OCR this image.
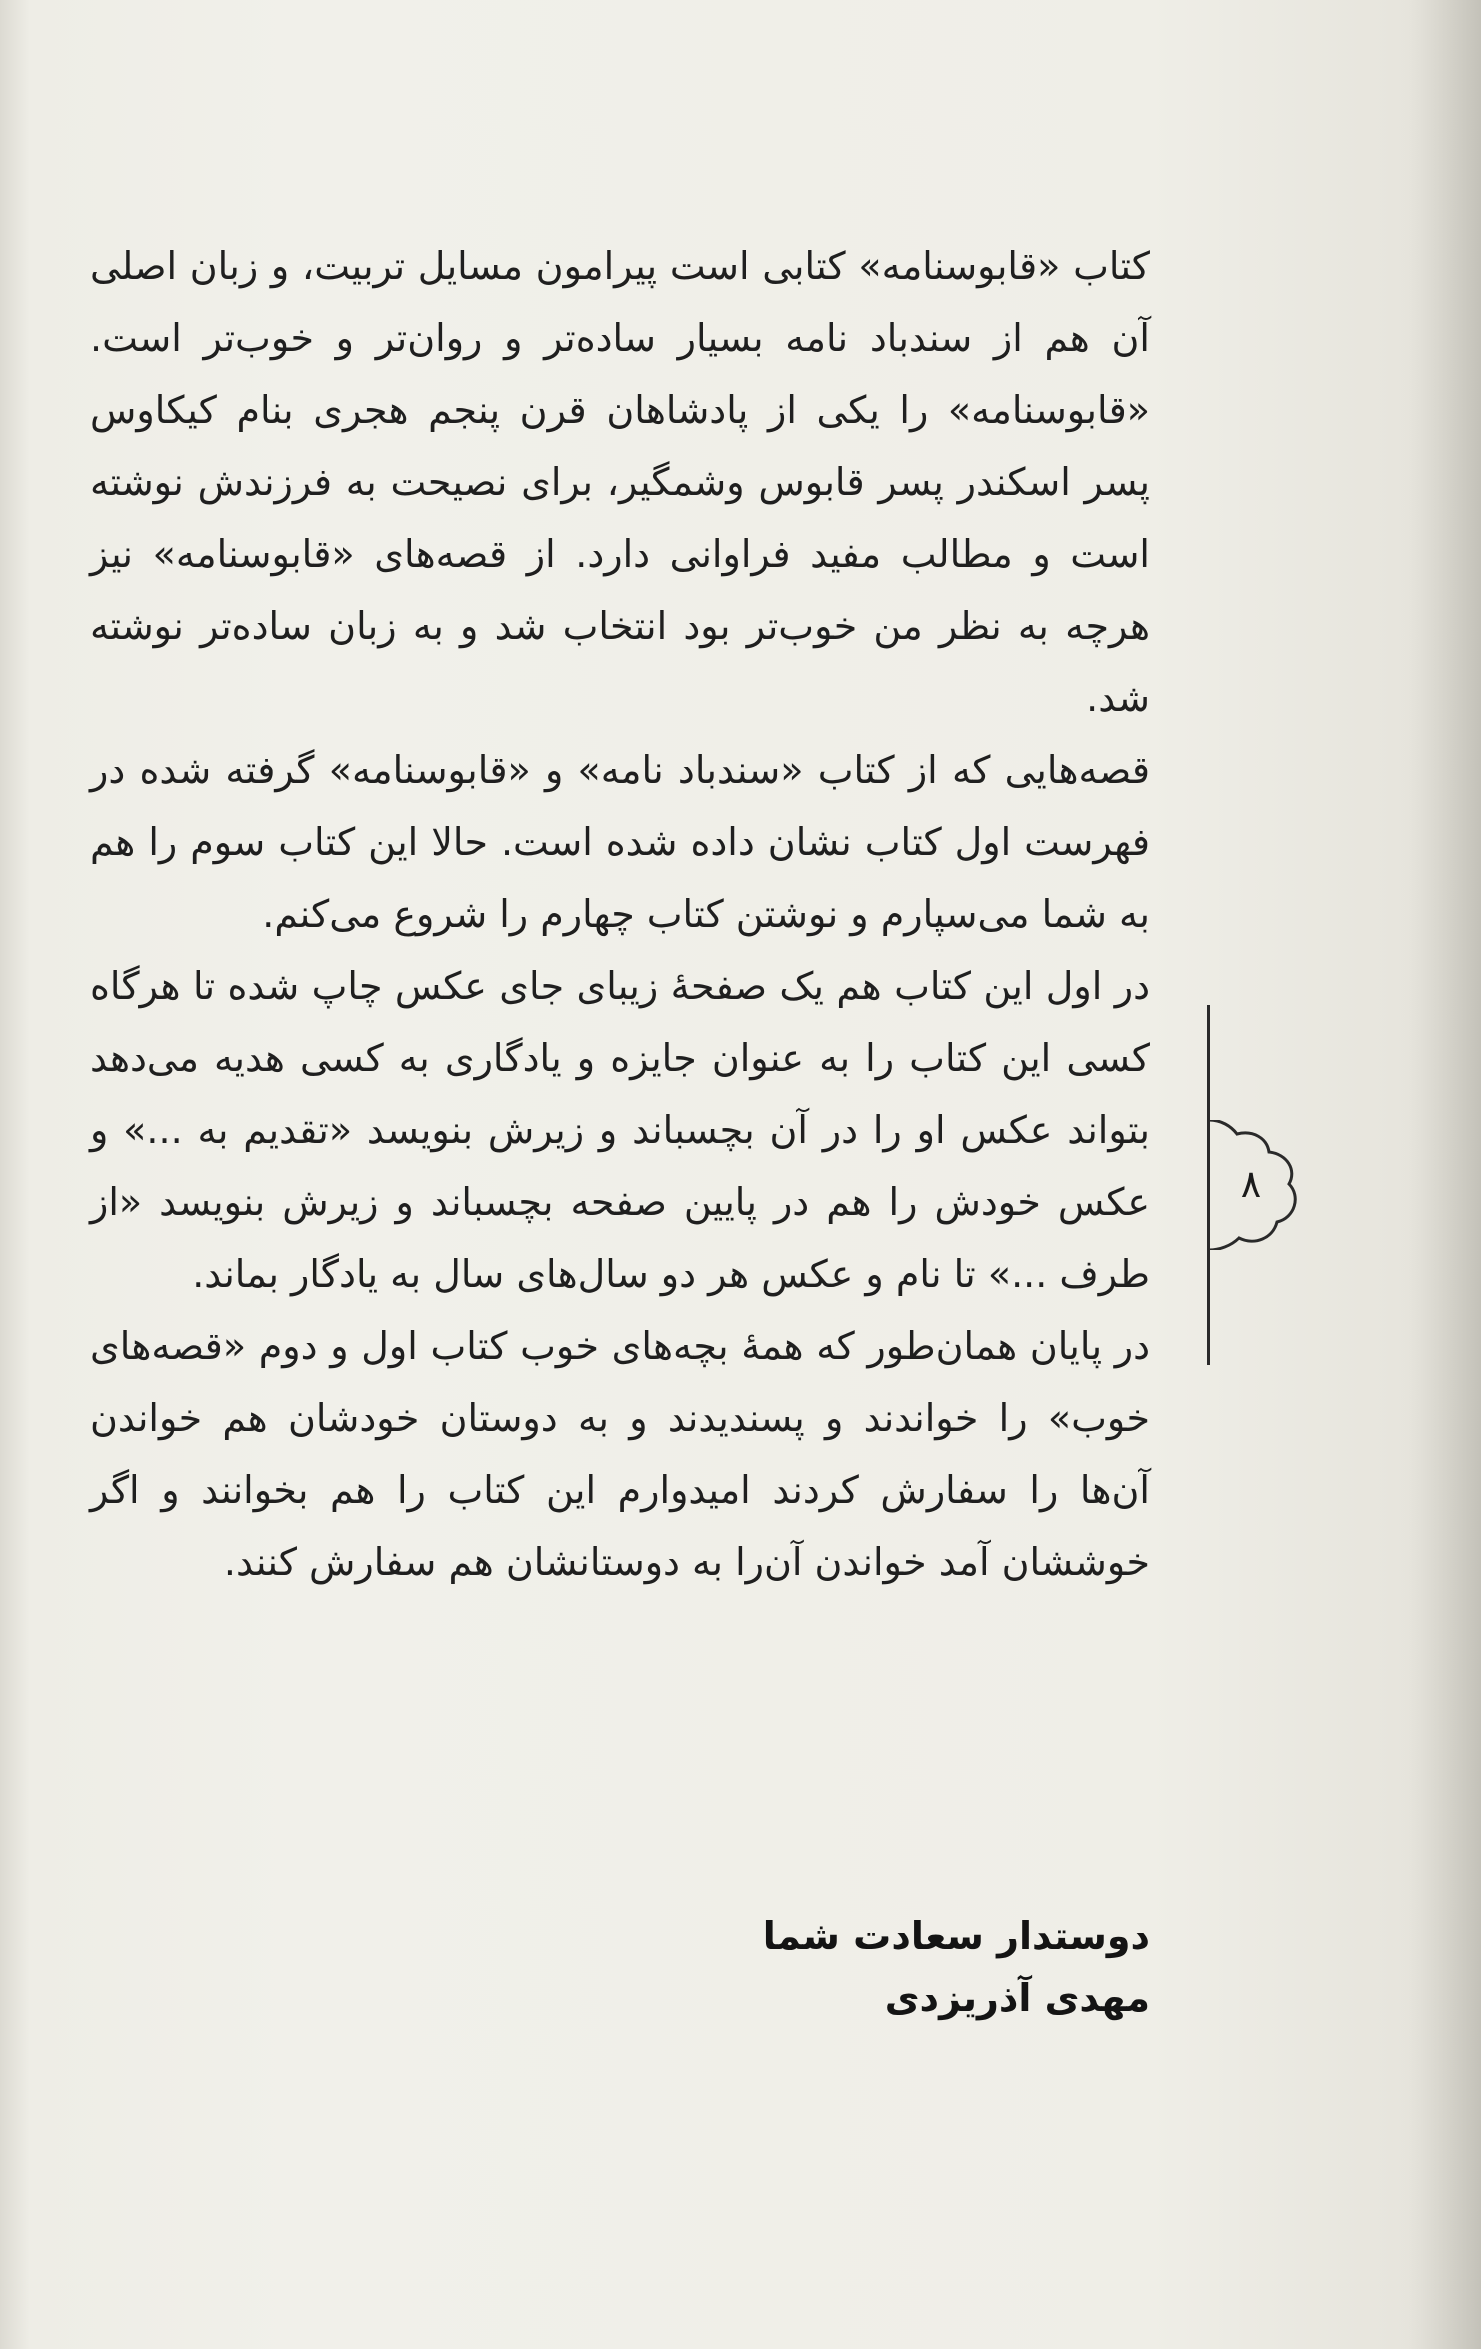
کتاب «قابوسنامه» کتابی است پیرامون مسایل تربیت، و زبان اصلی آن هم از سندباد نامه بسیار ساده‌تر و روان‌تر و خوب‌تر است. «قابوسنامه» را یکی از پادشاهان قرن پنجم هجری بنام کیکاوس پسر اسکندر پسر قابوس وشمگیر، برای نصیحت به فرزندش نوشته است و مطالب مفید فراوانی دارد. از قصه‌های «قابوسنامه» نیز هرچه به نظر من خوب‌تر بود انتخاب شد و به زبان ساده‌تر نوشته شد.

قصه‌هایی که از کتاب «سندباد نامه» و «قابوسنامه» گرفته شده در فهرست اول کتاب نشان داده شده است. حالا این کتاب سوم را هم به شما می‌سپارم و نوشتن کتاب چهارم را شروع می‌کنم.

در اول این کتاب هم یک صفحهٔ زیبای جای عکس چاپ شده تا هرگاه کسی این کتاب را به عنوان جایزه و یادگاری به کسی هدیه می‌دهد بتواند عکس او را در آن بچسباند و زیرش بنویسد «تقدیم به ...» و عکس خودش را هم در پایین صفحه بچسباند و زیرش بنویسد «از طرف ...» تا نام و عکس هر دو سال‌های سال به یادگار بماند.

در پایان همان‌طور که همهٔ بچه‌های خوب کتاب اول و دوم «قصه‌های خوب» را خواندند و پسندیدند و به دوستان خودشان هم خواندن آن‌ها را سفارش کردند امیدوارم این کتاب را هم بخوانند و اگر خوششان آمد خواندن آن‌را به دوستانشان هم سفارش کنند.

دوستدار سعادت شما
مهدی آذریزدی
۸
